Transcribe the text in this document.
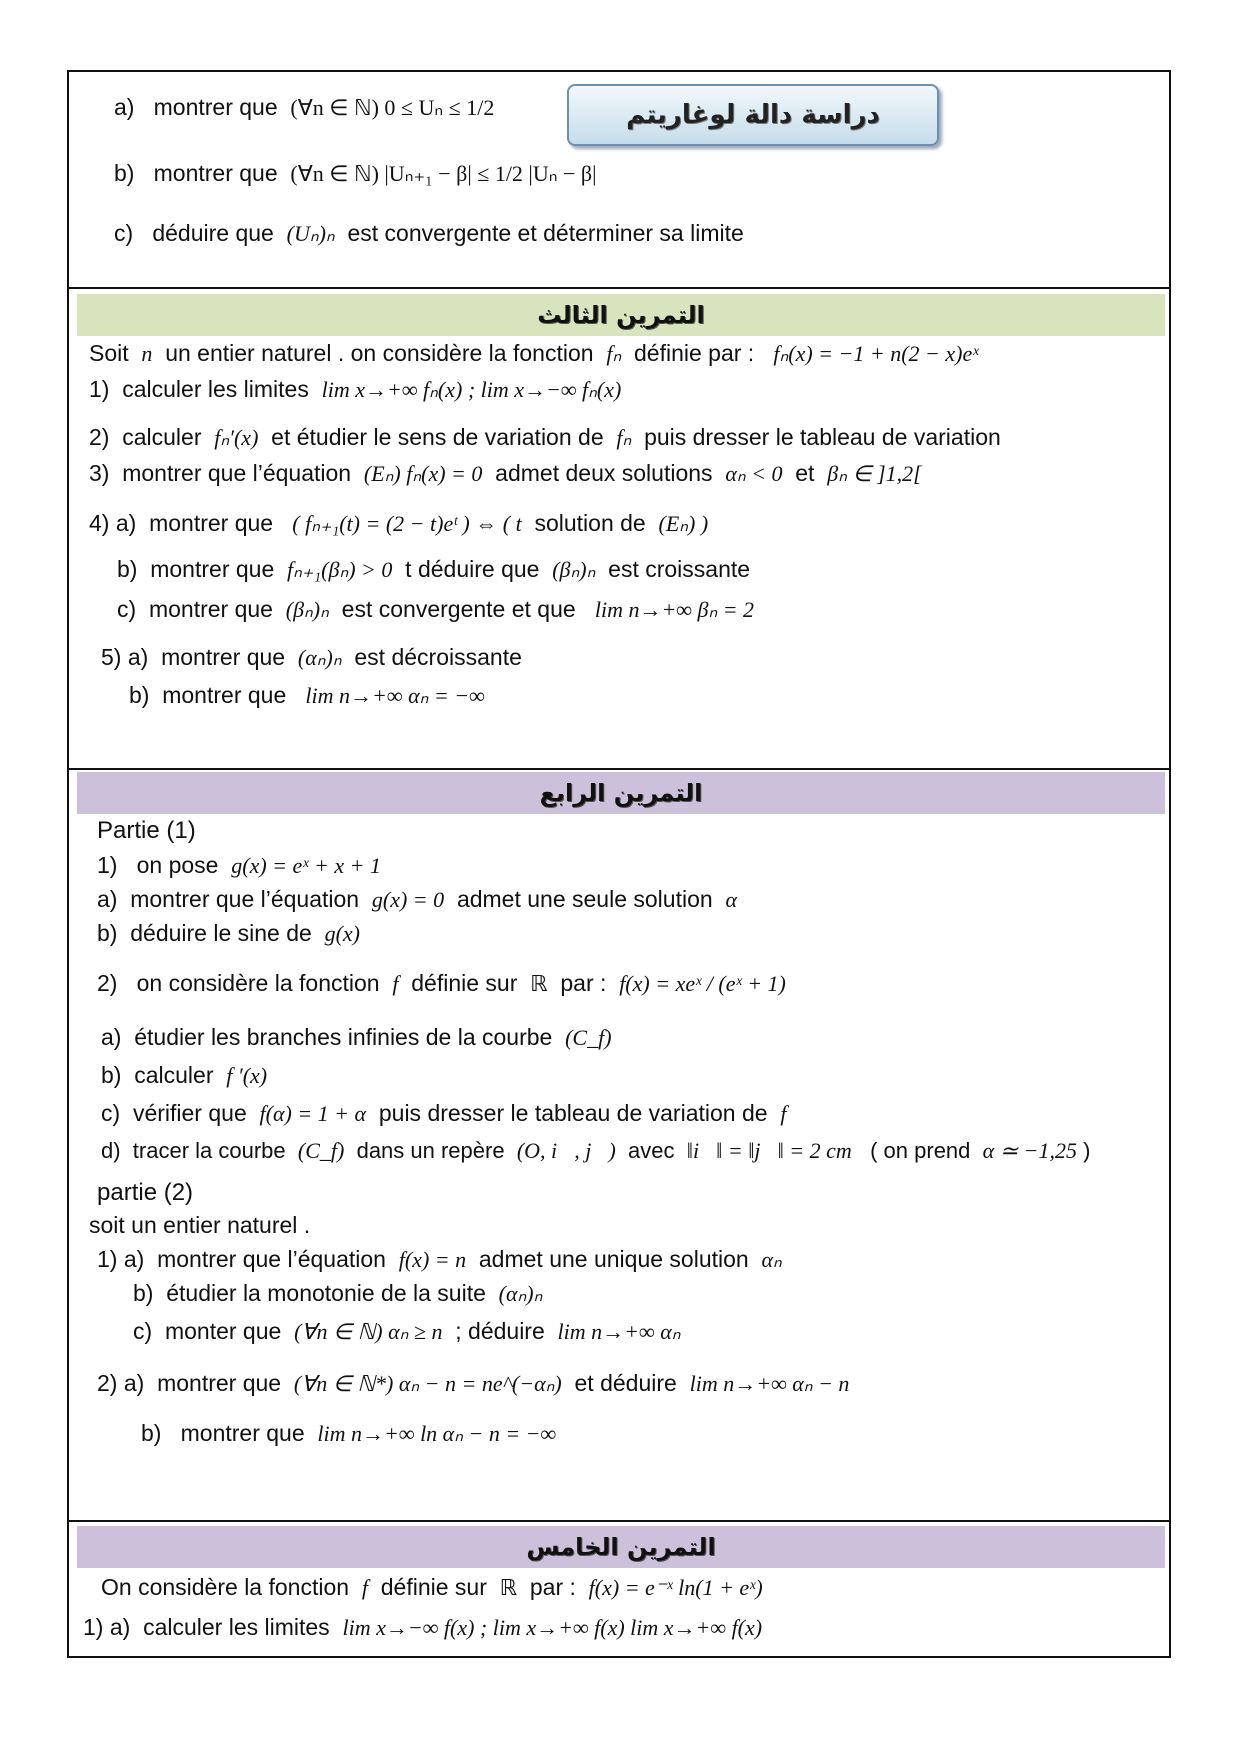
دراسة دالة لوغاريتم
a) montrer que (∀n ∈ ℕ) 0 ≤ Uₙ ≤ 1/2
b) montrer que (∀n ∈ ℕ) |Uₙ₊₁ − β| ≤ 1/2 |Uₙ − β|
c) déduire que (Uₙ)ₙ est convergente et déterminer sa limite
التمرين الثالث
Soit n un entier naturel . on considère la fonction fₙ définie par : fₙ(x) = −1 + n(2 − x)eˣ
1) calculer les limites lim x→+∞ fₙ(x) ; lim x→−∞ fₙ(x)
2) calculer fₙ′(x) et étudier le sens de variation de fₙ puis dresser le tableau de variation
3) montrer que l’équation (Eₙ) fₙ(x) = 0 admet deux solutions αₙ < 0 et βₙ ∈ ]1,2[
4) a) montrer que ( fₙ₊₁(t) = (2 − t)eᵗ ) ⇔ ( t solution de (Eₙ) )
b) montrer que fₙ₊₁(βₙ) > 0 t déduire que (βₙ)ₙ est croissante
c) montrer que (βₙ)ₙ est convergente et que lim n→+∞ βₙ = 2
5) a) montrer que (αₙ)ₙ est décroissante
b) montrer que lim n→+∞ αₙ = −∞
التمرين الرابع
Partie (1)
1) on pose g(x) = eˣ + x + 1
a) montrer que l’équation g(x) = 0 admet une seule solution α
b) déduire le sine de g(x)
2) on considère la fonction f définie sur ℝ par : f(x) = xeˣ / (eˣ + 1)
a) étudier les branches infinies de la courbe (C_f)
b) calculer f ′(x)
c) vérifier que f(α) = 1 + α puis dresser le tableau de variation de f
d) tracer la courbe (C_f) dans un repère (O, i⃗, j⃗) avec ‖i⃗‖ = ‖j⃗‖ = 2 cm ( on prend α ≃ −1,25 )
partie (2)
soit un entier naturel .
1) a) montrer que l’équation f(x) = n admet une unique solution αₙ
b) étudier la monotonie de la suite (αₙ)ₙ
c) monter que (∀n ∈ ℕ) αₙ ≥ n ; déduire lim n→+∞ αₙ
2) a) montrer que (∀n ∈ ℕ*) αₙ − n = ne^(−αₙ) et déduire lim n→+∞ αₙ − n
b) montrer que lim n→+∞ ln αₙ − n = −∞
التمرين الخامس
On considère la fonction f définie sur ℝ par : f(x) = e⁻ˣ ln(1 + eˣ)
1) a) calculer les limites lim x→−∞ f(x) ; lim x→+∞ f(x) lim x→+∞ f(x)
